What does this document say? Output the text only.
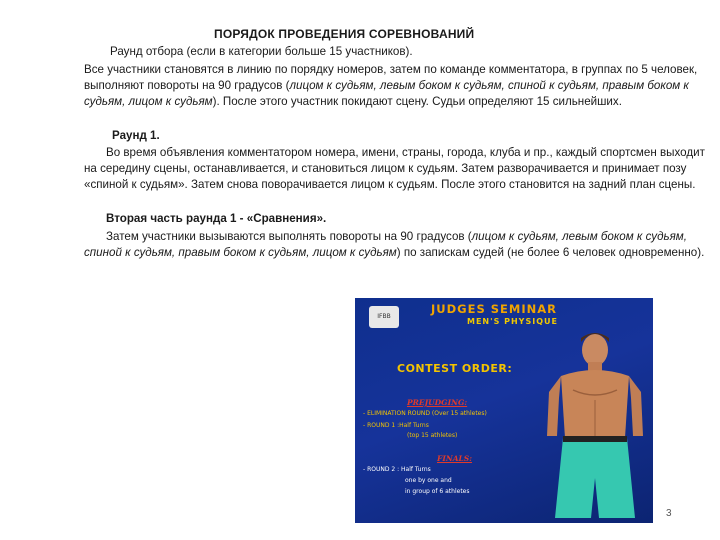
ПОРЯДОК ПРОВЕДЕНИЯ СОРЕВНОВАНИЙ
Раунд отбора (если в категории больше 15 участников).
Все участники становятся в линию по порядку номеров, затем по команде комментатора, в группах по 5 человек, выполняют повороты на 90 градусов (лицом к судьям, левым боком к судьям, спиной к судьям, правым боком к судьям, лицом к судьям). После этого участник покидают сцену. Судьи определяют 15 сильнейших.
Раунд 1.
Во время объявления комментатором номера, имени, страны, города, клуба и пр., каждый спортсмен выходит на середину сцены, останавливается, и становиться лицом к судьям. Затем разворачивается и принимает позу «спиной к судьям». Затем снова поворачивается лицом к судьям. После этого становится на задний план сцены.
Вторая часть раунда 1 - «Сравнения».
Затем участники вызываются выполнять повороты на 90 градусов (лицом к судьям, левым боком к судьям, спиной к судьям, правым боком к судьям, лицом к судьям) по запискам судей (не более 6 человек одновременно).
IFBB
JUDGES SEMINAR
MEN'S PHYSIQUE
CONTEST ORDER:
PREJUDGING:
- ELIMINATION ROUND (Over 15 athletes)
- ROUND 1 :Half Turns
(top 15 athletes)
FINALS:
- ROUND 2 : Half Turns
one by one and
in group of 6 athletes
3
